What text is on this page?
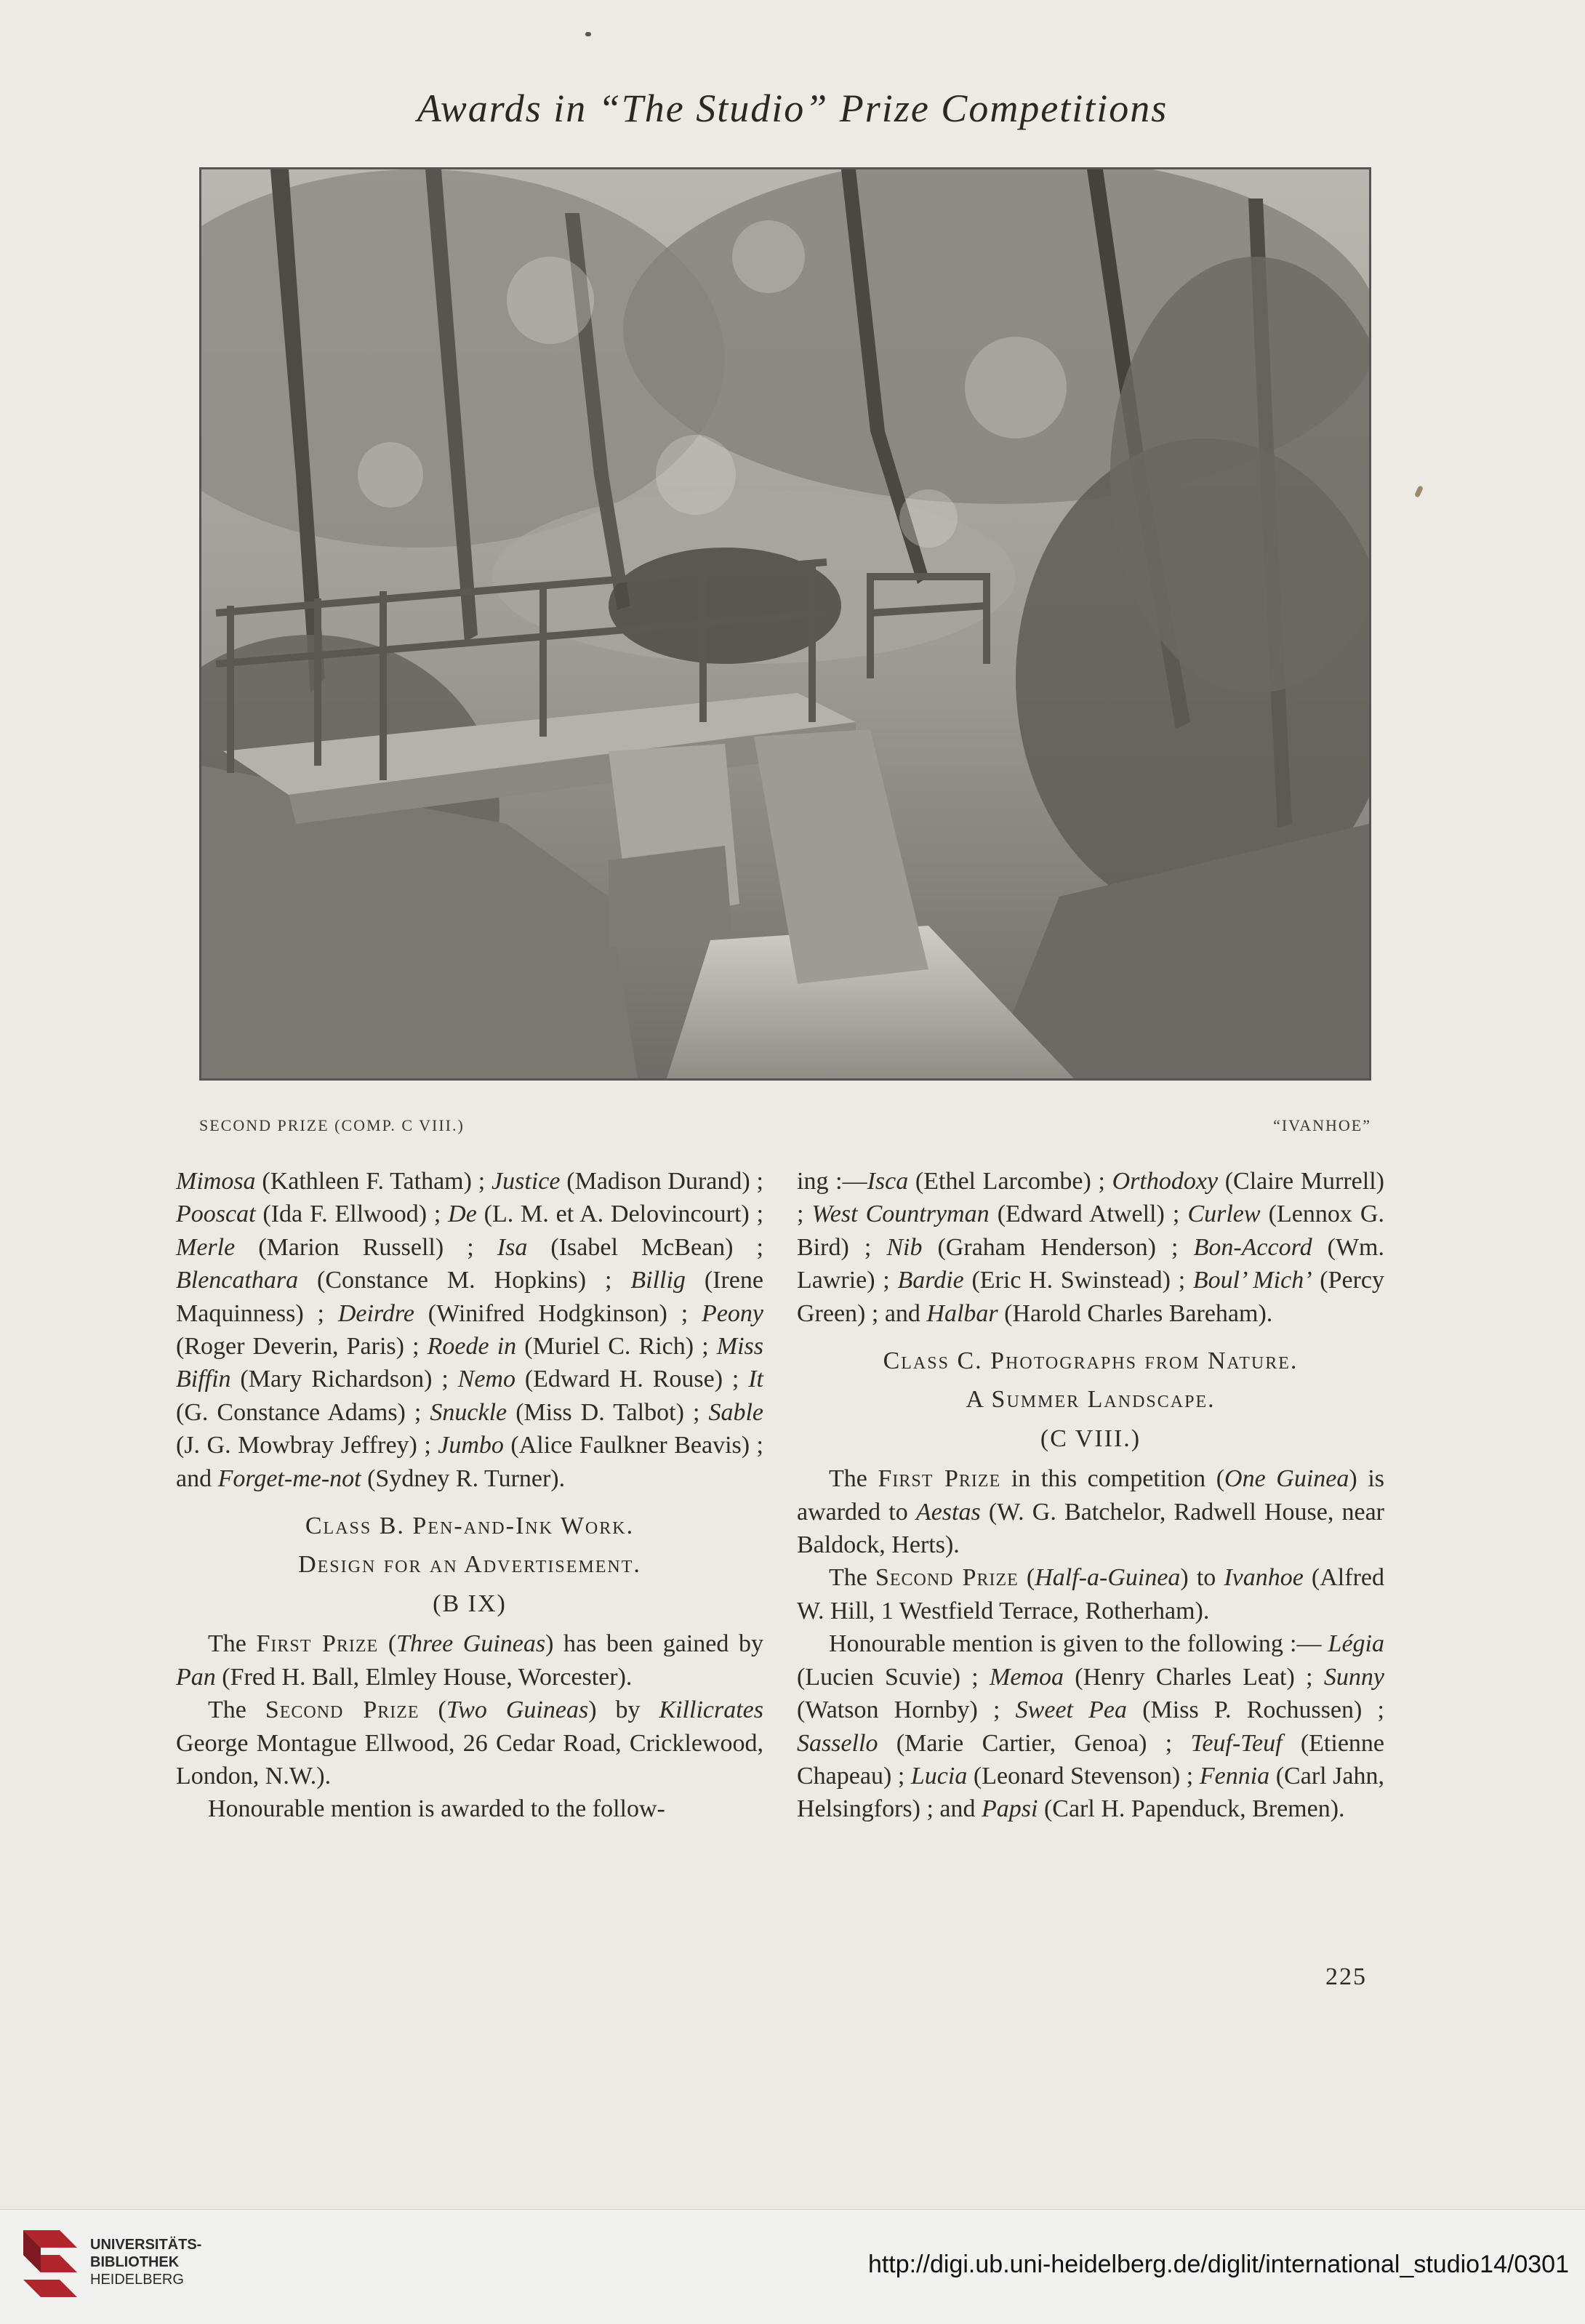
Awards in “The Studio” Prize Competitions
SECOND PRIZE (COMP. C VIII.)	“IVANHOE”

Mimosa (Kathleen F. Tatham) ; Justice (Madison Durand) ; Pooscat (Ida F. Ellwood) ; De (L. M. et A. Delovincourt) ; Merle (Marion Russell) ; Isa (Isabel McBean) ; Blencathara (Constance M. Hopkins) ; Billig (Irene Maquinness) ; Deirdre (Winifred Hodgkinson) ; Peony (Roger Deverin, Paris) ; Roede in (Muriel C. Rich) ; Miss Biffin (Mary Richardson) ; Nemo (Edward H. Rouse) ; It (G. Constance Adams) ; Snuckle (Miss D. Talbot) ; Sable (J. G. Mowbray Jeffrey) ; Jumbo (Alice Faulkner Beavis) ; and Forget-me-not (Sydney R. Turner).

Class B. Pen-and-Ink Work.
Design for an Advertisement.
(B IX)

The First Prize (Three Guineas) has been gained by Pan (Fred H. Ball, Elmley House, Worcester).

The Second Prize (Two Guineas) by Killicrates George Montague Ellwood, 26 Cedar Road, Cricklewood, London, N.W.).

Honourable mention is awarded to the follow-

ing :—Isca (Ethel Larcombe) ; Orthodoxy (Claire Murrell) ; West Countryman (Edward Atwell) ; Curlew (Lennox G. Bird) ; Nib (Graham Henderson) ; Bon-Accord (Wm. Lawrie) ; Bardie (Eric H. Swinstead) ; Boul’ Mich’ (Percy Green) ; and Halbar (Harold Charles Bareham).

Class C. Photographs from Nature.
A Summer Landscape.
(C VIII.)

The First Prize in this competition (One Guinea) is awarded to Aestas (W. G. Batchelor, Radwell House, near Baldock, Herts).

The Second Prize (Half-a-Guinea) to Ivanhoe (Alfred W. Hill, 1 Westfield Terrace, Rotherham).

Honourable mention is given to the following :— Légia (Lucien Scuvie) ; Memoa (Henry Charles Leat) ; Sunny (Watson Hornby) ; Sweet Pea (Miss P. Rochussen) ; Sassello (Marie Cartier, Genoa) ; Teuf-Teuf (Etienne Chapeau) ; Lucia (Leonard Stevenson) ; Fennia (Carl Jahn, Helsingfors) ; and Papsi (Carl H. Papenduck, Bremen).

225
UNIVERSITÄTS-
BIBLIOTHEK
HEIDELBERG
http://digi.ub.uni-heidelberg.de/diglit/international_studio14/0301
